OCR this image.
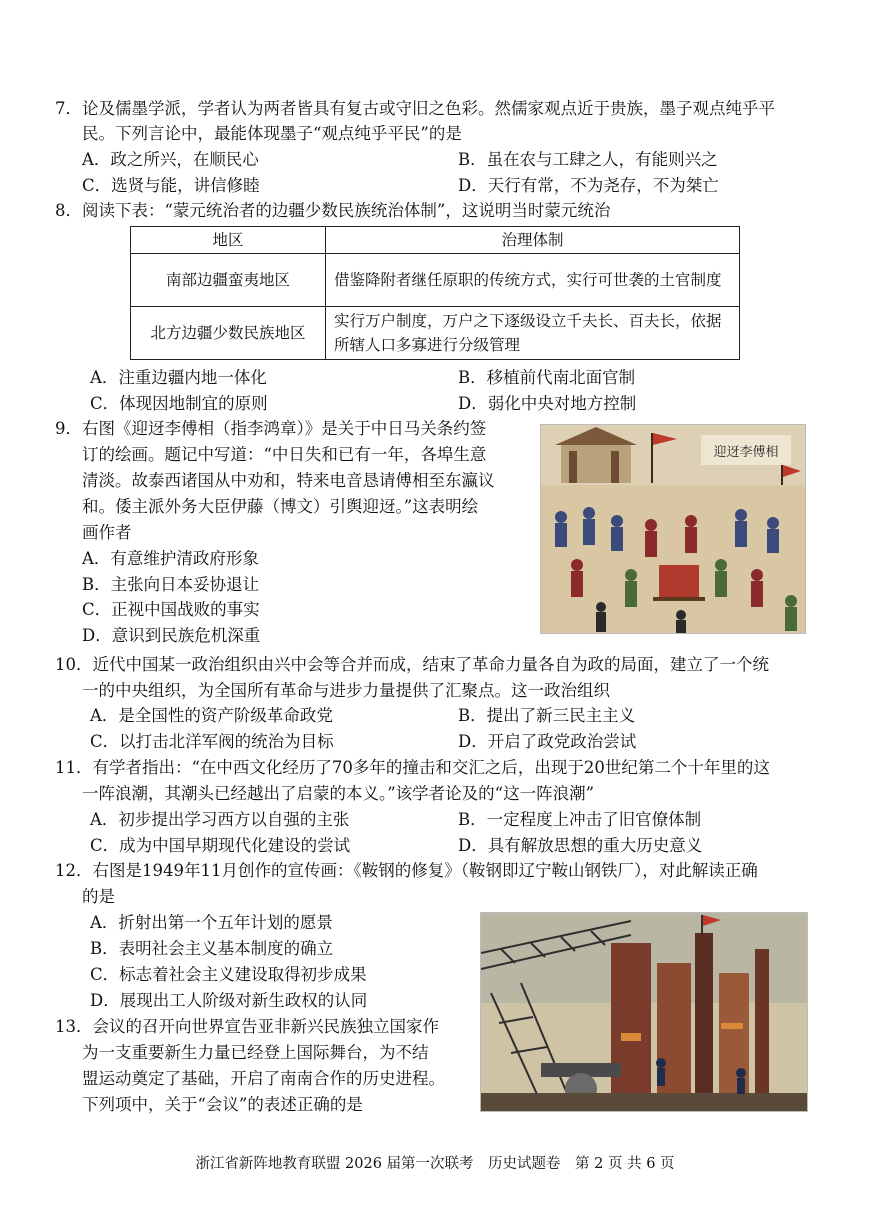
7．论及儒墨学派，学者认为两者皆具有复古或守旧之色彩。然儒家观点近于贵族，墨子观点纯乎平
民。下列言论中，最能体现墨子“观点纯乎平民”的是
A．政之所兴，在顺民心	B．虽在农与工肆之人，有能则兴之
C．选贤与能，讲信修睦	D．天行有常，不为尧存，不为桀亡
8．阅读下表：“蒙元统治者的边疆少数民族统治体制”，这说明当时蒙元统治
地区	治理体制
南部边疆蛮夷地区	借鉴降附者继任原职的传统方式，实行可世袭的土官制度
北方边疆少数民族地区	实行万户制度，万户之下逐级设立千夫长、百夫长，依据所辖人口多寡进行分级管理
A．注重边疆内地一体化	B．移植前代南北面官制
C．体现因地制宜的原则	D．弱化中央对地方控制
9．右图《迎迓李傅相（指李鸿章）》是关于中日马关条约签
订的绘画。题记中写道：“中日失和已有一年，各埠生意
清淡。故泰西诸国从中劝和，特来电音恳请傅相至东瀛议
和。倭主派外务大臣伊藤（博文）引舆迎迓。”这表明绘
画作者
A．有意维护清政府形象
B．主张向日本妥协退让
C．正视中国战败的事实
D．意识到民族危机深重
迎迓李傅相
10．近代中国某一政治组织由兴中会等合并而成，结束了革命力量各自为政的局面，建立了一个统
一的中央组织，为全国所有革命与进步力量提供了汇聚点。这一政治组织
A．是全国性的资产阶级革命政党	B．提出了新三民主主义
C．以打击北洋军阀的统治为目标	D．开启了政党政治尝试
11．有学者指出：“在中西文化经历了70多年的撞击和交汇之后，出现于20世纪第二个十年里的这
一阵浪潮，其潮头已经越出了启蒙的本义。”该学者论及的“这一阵浪潮”
A．初步提出学习西方以自强的主张	B．一定程度上冲击了旧官僚体制
C．成为中国早期现代化建设的尝试	D．具有解放思想的重大历史意义
12．右图是1949年11月创作的宣传画：《鞍钢的修复》（鞍钢即辽宁鞍山钢铁厂），对此解读正确
的是
A．折射出第一个五年计划的愿景
B．表明社会主义基本制度的确立
C．标志着社会主义建设取得初步成果
D．展现出工人阶级对新生政权的认同
13．会议的召开向世界宣告亚非新兴民族独立国家作
为一支重要新生力量已经登上国际舞台，为不结
盟运动奠定了基础，开启了南南合作的历史进程。
下列项中，关于“会议”的表述正确的是
浙江省新阵地教育联盟 2026 届第一次联考　历史试题卷　第 2 页 共 6 页
